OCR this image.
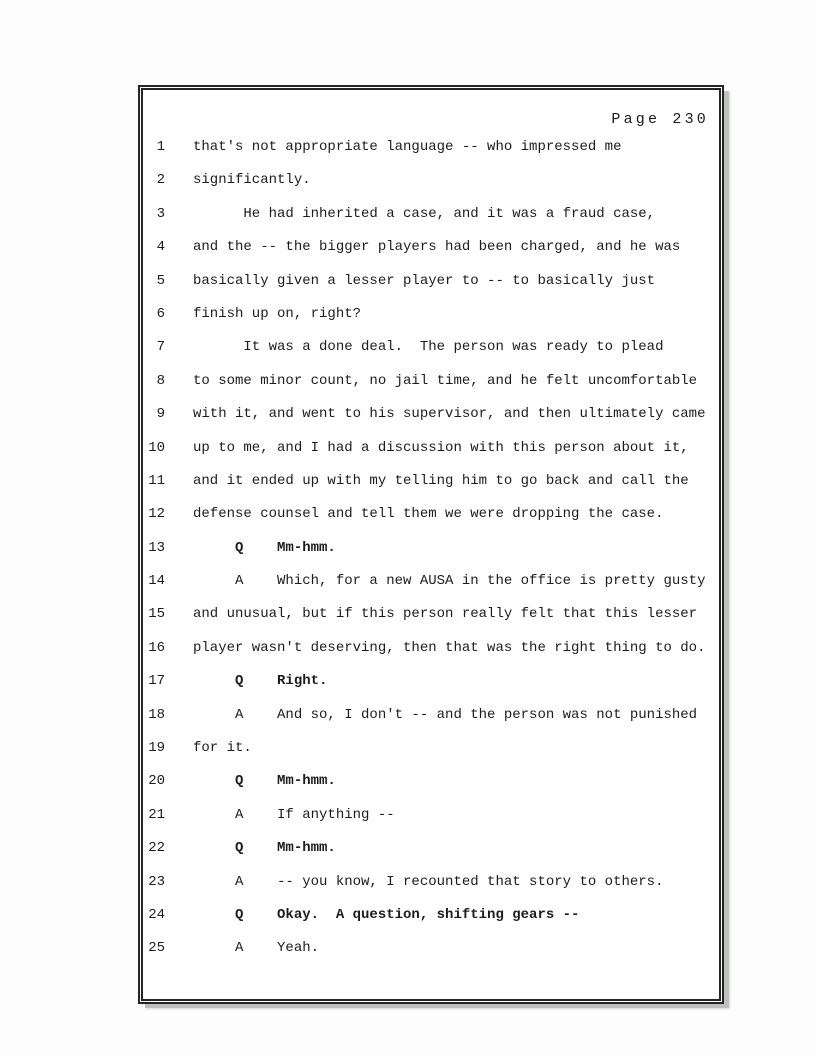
Page 230
1 that's not appropriate language -- who impressed me
2 significantly.
3 He had inherited a case, and it was a fraud case,
4 and the -- the bigger players had been charged, and he was
5 basically given a lesser player to -- to basically just
6 finish up on, right?
7 It was a done deal.  The person was ready to plead
8 to some minor count, no jail time, and he felt uncomfortable
9 with it, and went to his supervisor, and then ultimately came
10 up to me, and I had a discussion with this person about it,
11 and it ended up with my telling him to go back and call the
12 defense counsel and tell them we were dropping the case.
13 Q    Mm-hmm.
14 A    Which, for a new AUSA in the office is pretty gusty
15 and unusual, but if this person really felt that this lesser
16 player wasn't deserving, then that was the right thing to do.
17 Q    Right.
18 A    And so, I don't -- and the person was not punished
19 for it.
20 Q    Mm-hmm.
21 A    If anything --
22 Q    Mm-hmm.
23 A    -- you know, I recounted that story to others.
24 Q    Okay.  A question, shifting gears --
25 A    Yeah.
